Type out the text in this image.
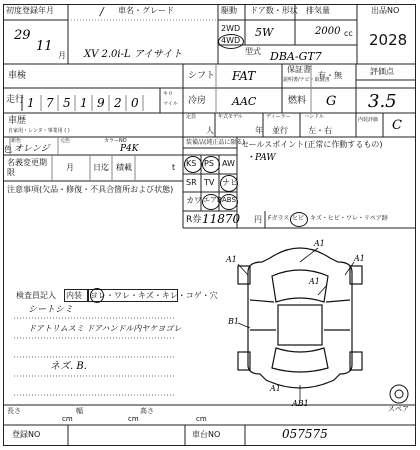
初度登録年月
29
11
月
車名・グレード
/
XV 2.0i-L アイサイト
駆動 ドア数・形状 排気量
2WD
4WD
5W	2000 cc
型式 DBA-GT7
出品NO
2028
車検	シフト FAT	保証書
説明書/ナビ・取説書
有・無	評価点
3.5
走行 1 7 5 1 9 2 0
キロ
マイル 冷房 AAC	燃料 G
車歴
自家用・レンタ・事業用 ( )
定員
人
年式モデル
年
ディーラー
並行
ハンドル
左・右
内装評価 C
新色	元色
色 オレンジ
カラーNO
P4K
名義変更期限
月 日迄 積載	t
注意事項(欠品・修復・不具合箇所および状態)
装備品(純正品に限る)
KS PS AW
SR TV ナビ
カワ エアB ABS
R券 11870 円
セールスポイント(正常に作動するもの)
・PAW
Fガラス ヒビ・キズ・ヒビ・ワレ・リペア跡
検査員記入 内装 ヨレ・ワレ・キズ・キレ・コゲ・穴
シートシミ
ドアトリムスミ ドアハンドル内ヤケヨゴレ
ネズ. B.
A1
A1
A1
B1
A1
A1
AB1
スペア
長さ
cm
幅
cm
高さ
cm
登録NO	車台NO	057575
